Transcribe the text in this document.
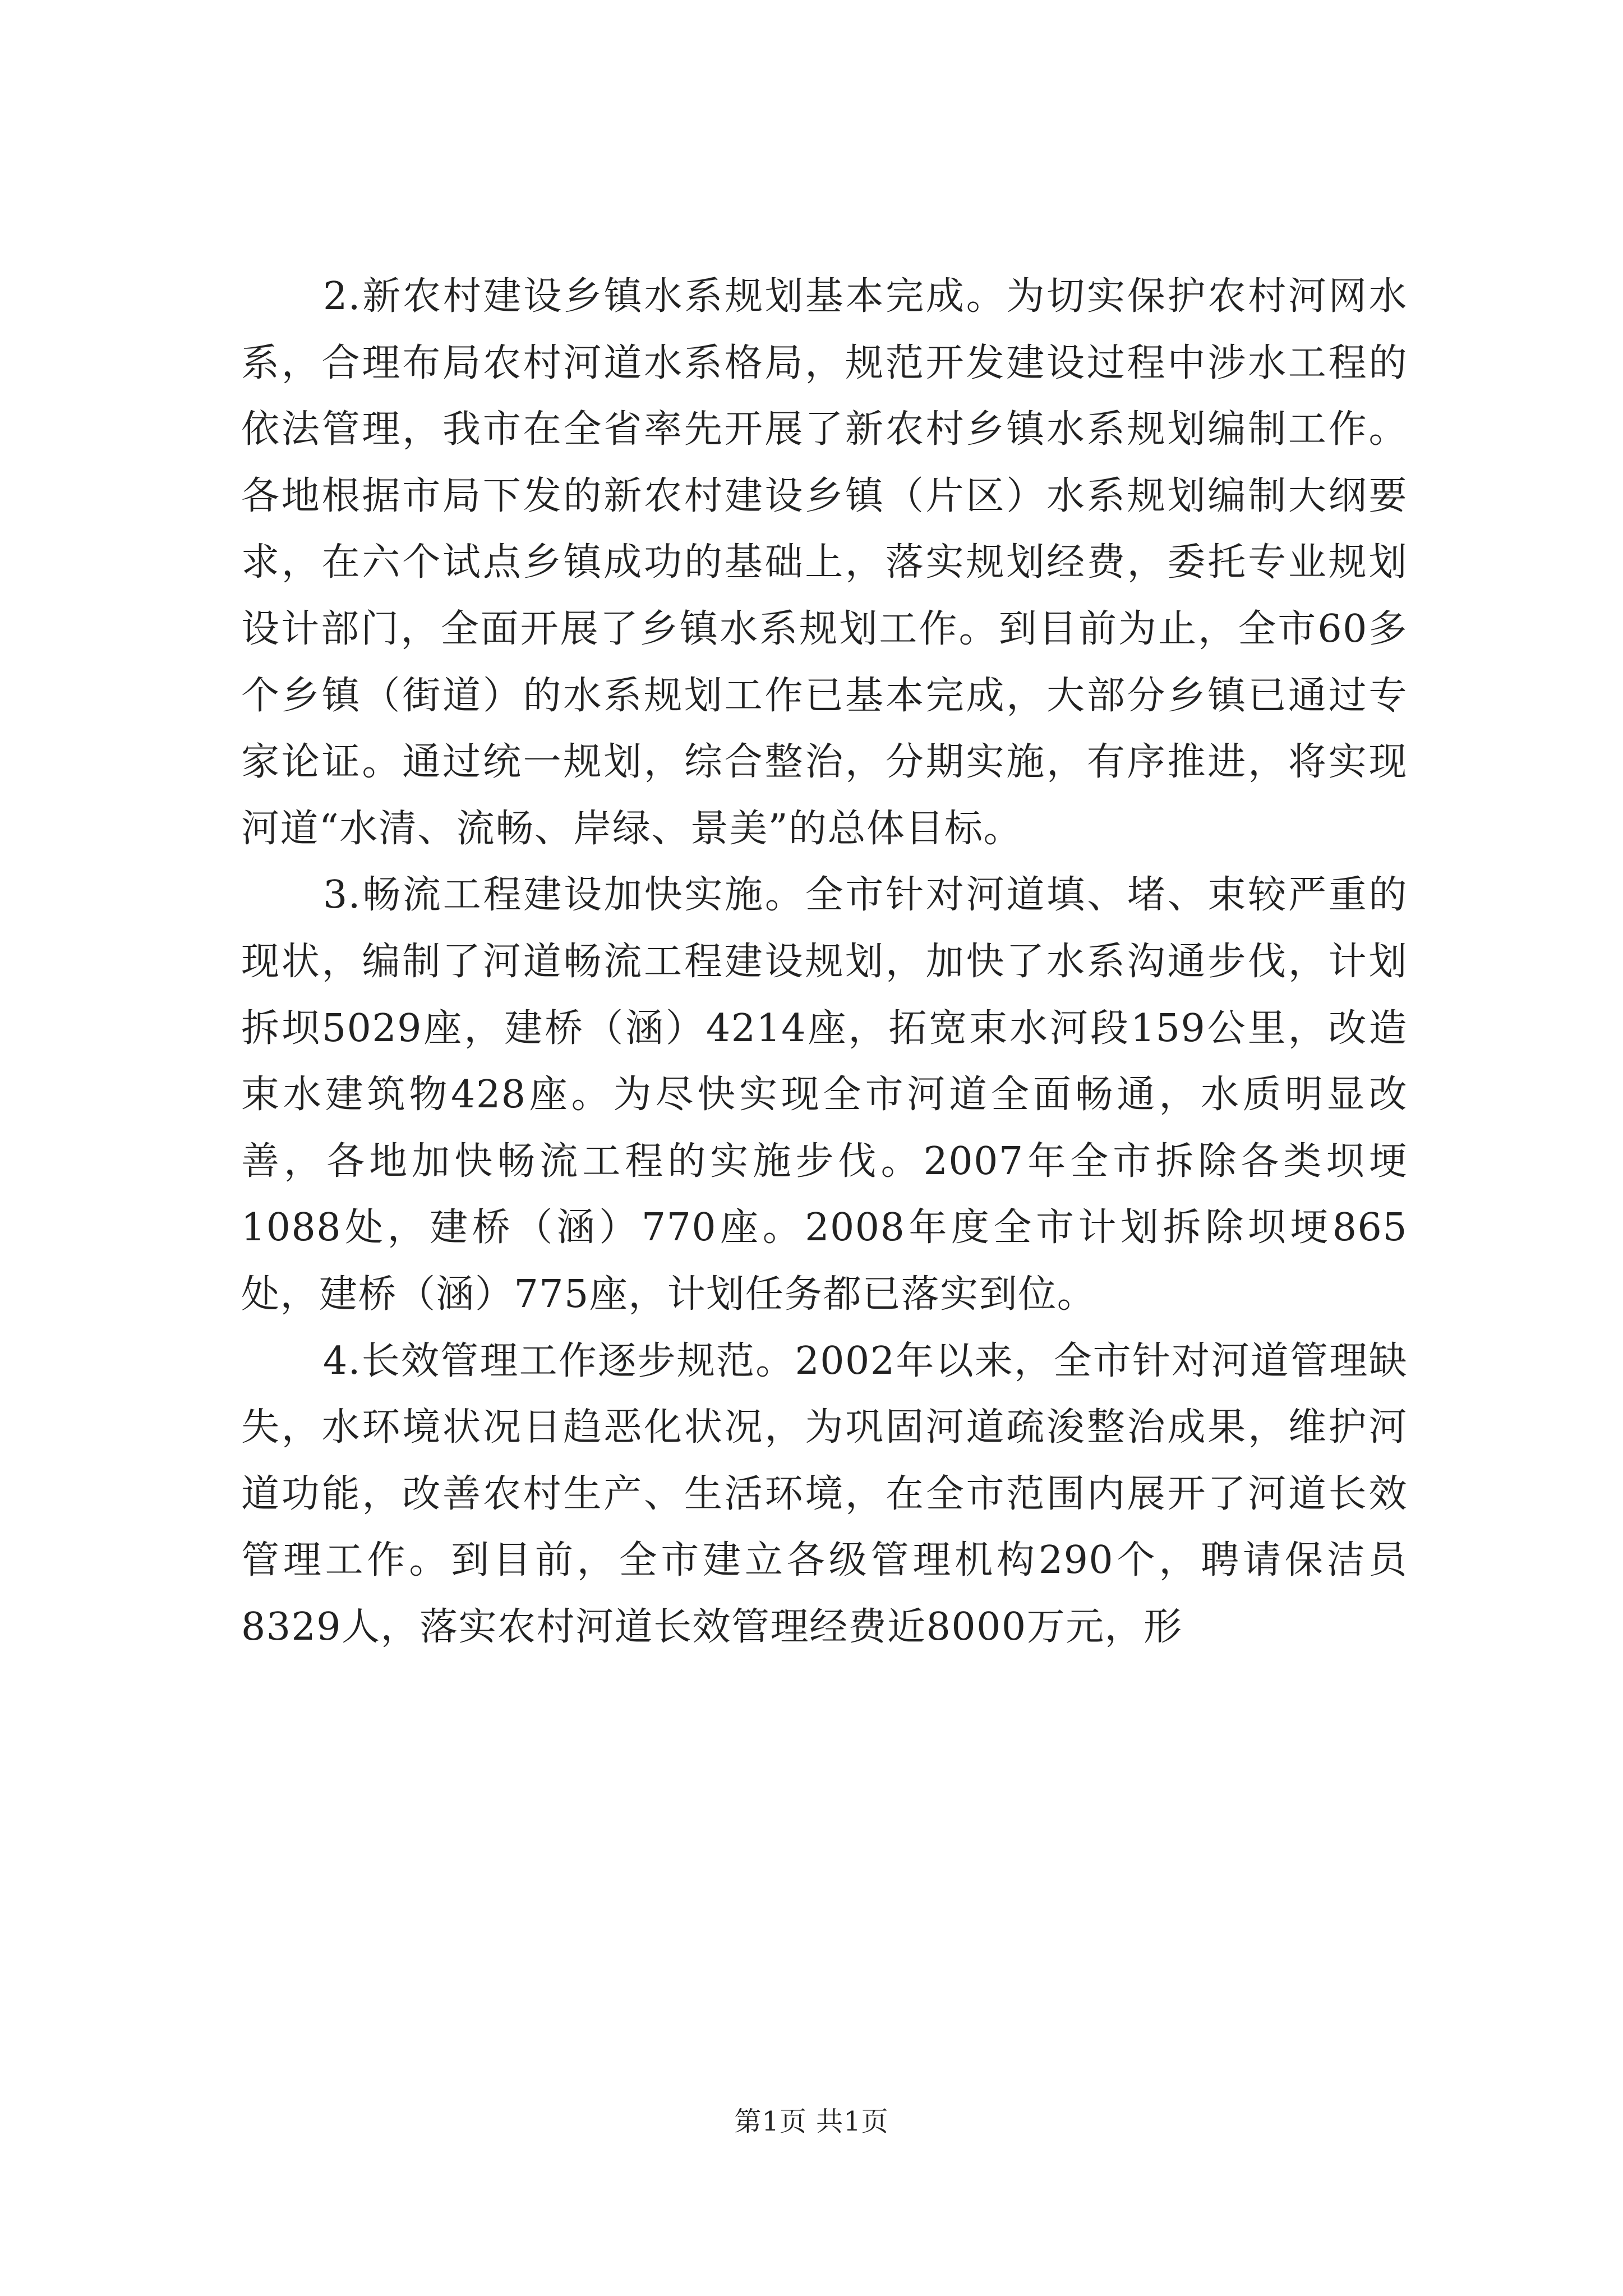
2.新农村建设乡镇水系规划基本完成。为切实保护农村河网水系，合理布局农村河道水系格局，规范开发建设过程中涉水工程的依法管理，我市在全省率先开展了新农村乡镇水系规划编制工作。各地根据市局下发的新农村建设乡镇（片区）水系规划编制大纲要求，在六个试点乡镇成功的基础上，落实规划经费，委托专业规划设计部门，全面开展了乡镇水系规划工作。到目前为止，全市60多个乡镇（街道）的水系规划工作已基本完成，大部分乡镇已通过专家论证。通过统一规划，综合整治，分期实施，有序推进，将实现河道“水清、流畅、岸绿、景美”的总体目标。

3.畅流工程建设加快实施。全市针对河道填、堵、束较严重的现状，编制了河道畅流工程建设规划，加快了水系沟通步伐，计划拆坝5029座，建桥（涵）4214座，拓宽束水河段159公里，改造束水建筑物428座。为尽快实现全市河道全面畅通，水质明显改善，各地加快畅流工程的实施步伐。2007年全市拆除各类坝埂1088处，建桥（涵）770座。2008年度全市计划拆除坝埂865处，建桥（涵）775座，计划任务都已落实到位。

4.长效管理工作逐步规范。2002年以来，全市针对河道管理缺失，水环境状况日趋恶化状况，为巩固河道疏浚整治成果，维护河道功能，改善农村生产、生活环境，在全市范围内展开了河道长效管理工作。到目前，全市建立各级管理机构290个，聘请保洁员8329人，落实农村河道长效管理经费近8000万元，形

第1页 共1页
